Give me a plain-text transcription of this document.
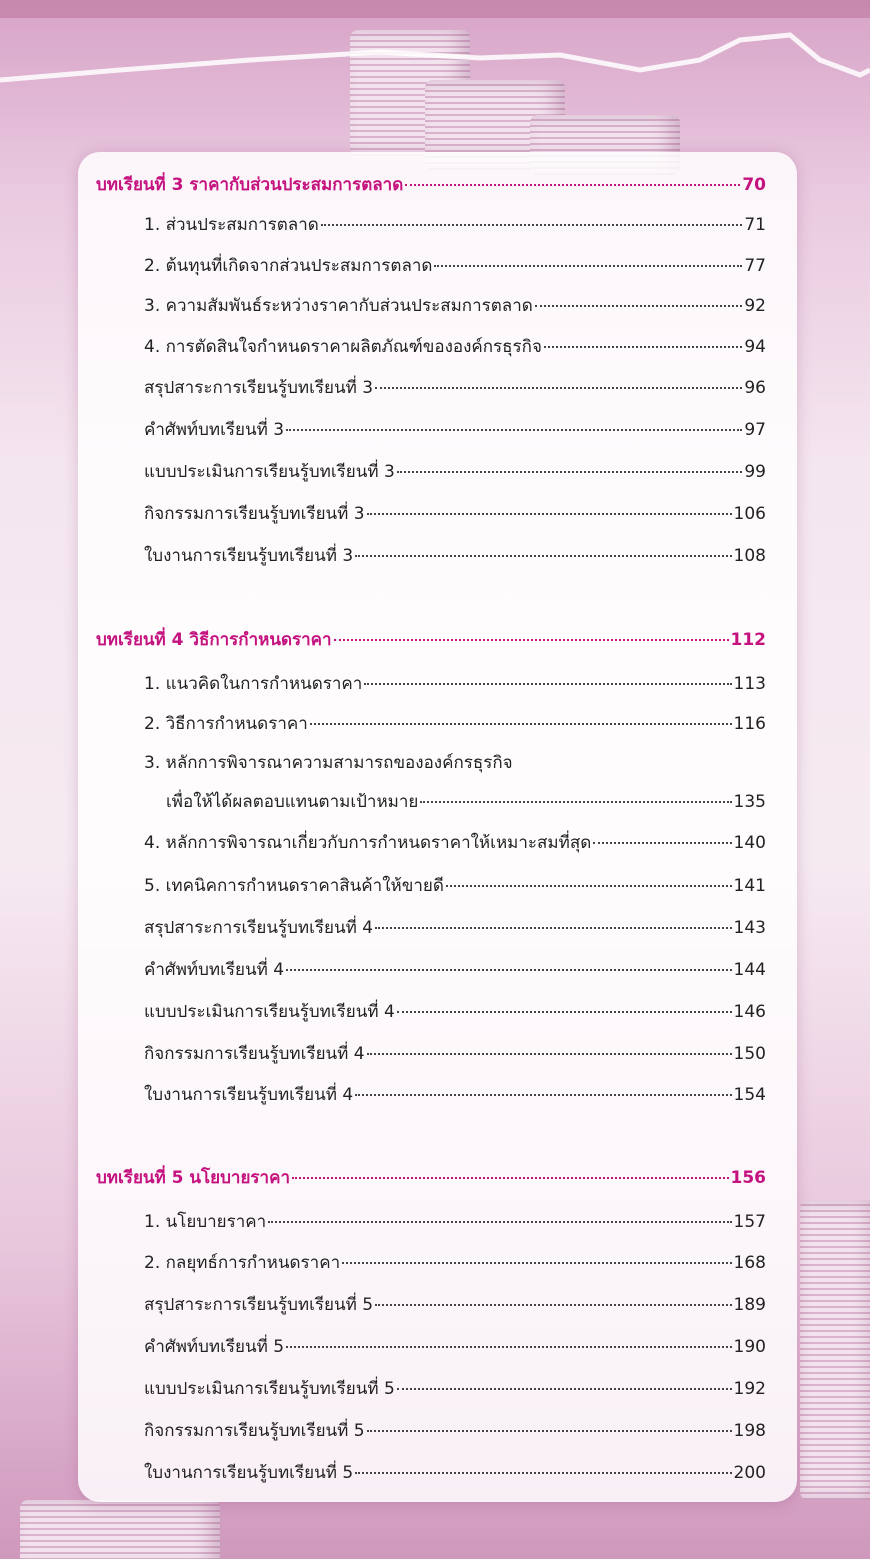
บทเรียนที่ 3 ราคากับส่วนประสมการตลาด	70
1. ส่วนประสมการตลาด	71
2. ต้นทุนที่เกิดจากส่วนประสมการตลาด	77
3. ความสัมพันธ์ระหว่างราคากับส่วนประสมการตลาด	92
4. การตัดสินใจกำหนดราคาผลิตภัณฑ์ขององค์กรธุรกิจ	94
สรุปสาระการเรียนรู้บทเรียนที่ 3	96
คำศัพท์บทเรียนที่ 3	97
แบบประเมินการเรียนรู้บทเรียนที่ 3	99
กิจกรรมการเรียนรู้บทเรียนที่ 3	106
ใบงานการเรียนรู้บทเรียนที่ 3	108
บทเรียนที่ 4 วิธีการกำหนดราคา	112
1. แนวคิดในการกำหนดราคา	113
2. วิธีการกำหนดราคา	116
3. หลักการพิจารณาความสามารถขององค์กรธุรกิจ
เพื่อให้ได้ผลตอบแทนตามเป้าหมาย	135
4. หลักการพิจารณาเกี่ยวกับการกำหนดราคาให้เหมาะสมที่สุด	140
5. เทคนิคการกำหนดราคาสินค้าให้ขายดี	141
สรุปสาระการเรียนรู้บทเรียนที่ 4	143
คำศัพท์บทเรียนที่ 4	144
แบบประเมินการเรียนรู้บทเรียนที่ 4	146
กิจกรรมการเรียนรู้บทเรียนที่ 4	150
ใบงานการเรียนรู้บทเรียนที่ 4	154
บทเรียนที่ 5 นโยบายราคา	156
1. นโยบายราคา	157
2. กลยุทธ์การกำหนดราคา	168
สรุปสาระการเรียนรู้บทเรียนที่ 5	189
คำศัพท์บทเรียนที่ 5	190
แบบประเมินการเรียนรู้บทเรียนที่ 5	192
กิจกรรมการเรียนรู้บทเรียนที่ 5	198
ใบงานการเรียนรู้บทเรียนที่ 5	200
